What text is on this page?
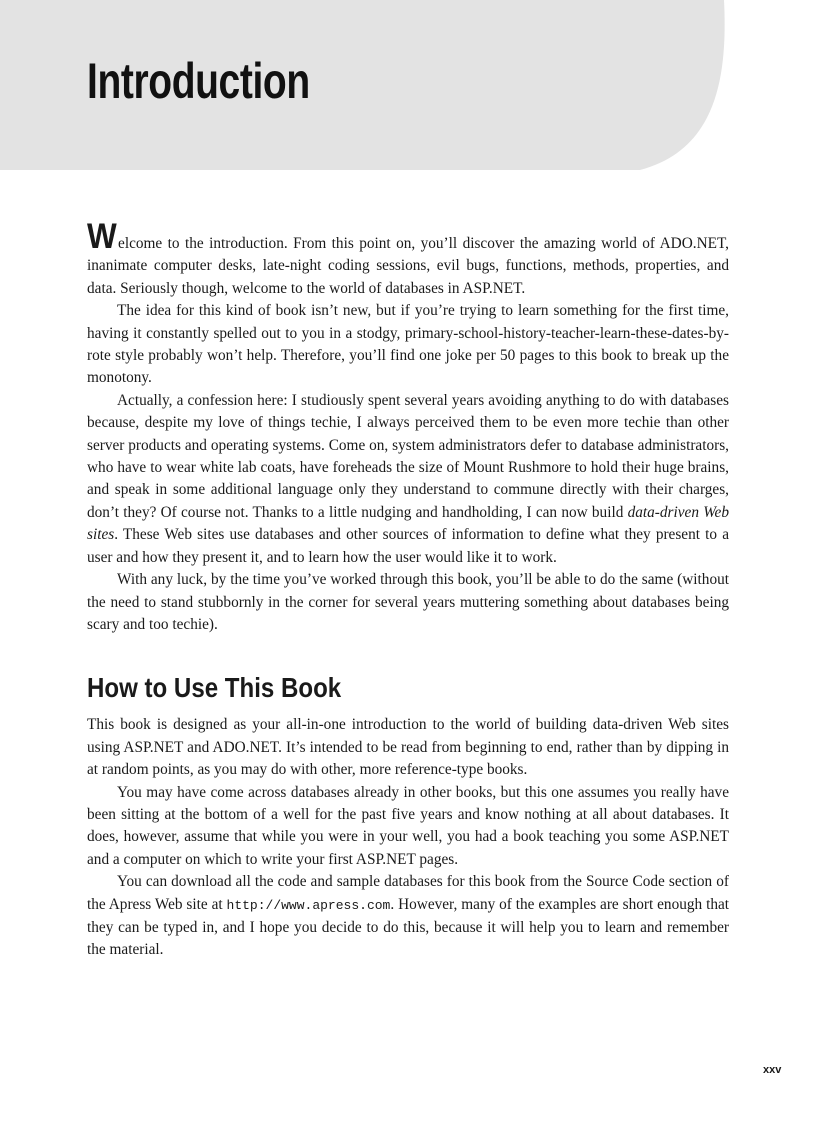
Introduction

Welcome to the introduction. From this point on, you’ll discover the amazing world of ADO.NET, inanimate computer desks, late-night coding sessions, evil bugs, functions, methods, properties, and data. Seriously though, welcome to the world of databases in ASP.NET.

The idea for this kind of book isn’t new, but if you’re trying to learn something for the first time, having it constantly spelled out to you in a stodgy, primary-school-history-teacher-learn-these-dates-by-rote style probably won’t help. Therefore, you’ll find one joke per 50 pages to this book to break up the monotony.

Actually, a confession here: I studiously spent several years avoiding anything to do with databases because, despite my love of things techie, I always perceived them to be even more techie than other server products and operating systems. Come on, system administrators defer to database administrators, who have to wear white lab coats, have foreheads the size of Mount Rushmore to hold their huge brains, and speak in some additional language only they understand to commune directly with their charges, don’t they? Of course not. Thanks to a little nudging and handholding, I can now build data-driven Web sites. These Web sites use databases and other sources of information to define what they present to a user and how they present it, and to learn how the user would like it to work.

With any luck, by the time you’ve worked through this book, you’ll be able to do the same (without the need to stand stubbornly in the corner for several years muttering something about databases being scary and too techie).

How to Use This Book

This book is designed as your all-in-one introduction to the world of building data-driven Web sites using ASP.NET and ADO.NET. It’s intended to be read from beginning to end, rather than by dipping in at random points, as you may do with other, more reference-type books.

You may have come across databases already in other books, but this one assumes you really have been sitting at the bottom of a well for the past five years and know nothing at all about databases. It does, however, assume that while you were in your well, you had a book teaching you some ASP.NET and a computer on which to write your first ASP.NET pages.

You can download all the code and sample databases for this book from the Source Code section of the Apress Web site at http://www.apress.com. However, many of the examples are short enough that they can be typed in, and I hope you decide to do this, because it will help you to learn and remember the material.

xxv
